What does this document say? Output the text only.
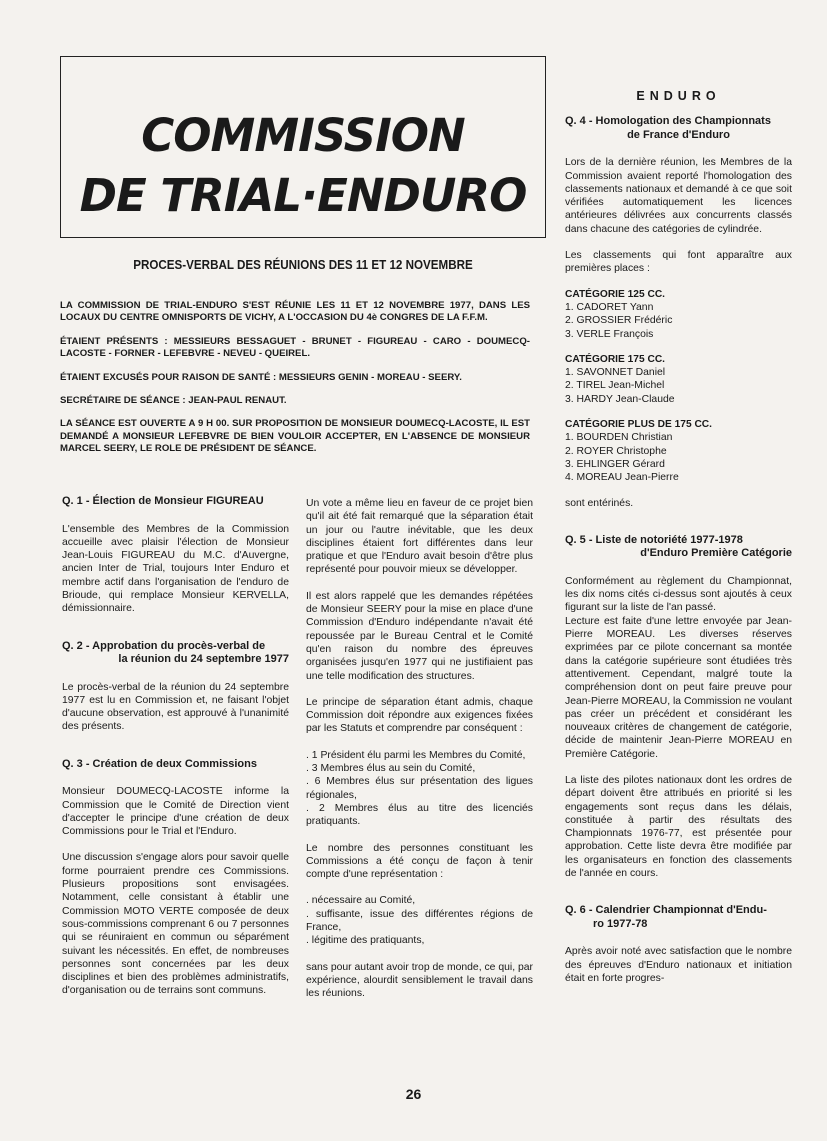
COMMISSION
DE TRIAL·ENDURO
PROCES-VERBAL DES RÉUNIONS DES 11 ET 12 NOVEMBRE
LA COMMISSION DE TRIAL-ENDURO S'EST RÉUNIE LES 11 ET 12 NOVEMBRE 1977, DANS LES LOCAUX DU CENTRE OMNISPORTS DE VICHY, A L'OCCASION DU 4è CONGRES DE LA F.F.M.
ÉTAIENT PRÉSENTS : MESSIEURS BESSAGUET - BRUNET - FIGUREAU - CARO - DOUMECQ-LACOSTE - FORNER - LEFEBVRE - NEVEU - QUEIREL.
ÉTAIENT EXCUSÉS POUR RAISON DE SANTÉ : MESSIEURS GENIN - MOREAU - SEERY.
SECRÉTAIRE DE SÉANCE : JEAN-PAUL RENAUT.
LA SÉANCE EST OUVERTE A 9 H 00. SUR PROPOSITION DE MONSIEUR DOUMECQ-LACOSTE, IL EST DEMANDÉ A MONSIEUR LEFEBVRE DE BIEN VOULOIR ACCEPTER, EN L'ABSENCE DE MONSIEUR MARCEL SEERY, LE ROLE DE PRÉSIDENT DE SÉANCE.
Q. 1 - Élection de Monsieur FIGUREAU

L'ensemble des Membres de la Commission accueille avec plaisir l'élection de Monsieur Jean-Louis FIGUREAU du M.C. d'Auvergne, ancien Inter de Trial, toujours Inter Enduro et membre actif dans l'organisation de l'enduro de Brioude, qui remplace Monsieur KERVELLA, démissionnaire.

Q. 2 - Approbation du procès-verbal de
la réunion du 24 septembre 1977

Le procès-verbal de la réunion du 24 septembre 1977 est lu en Commission et, ne faisant l'objet d'aucune observation, est approuvé à l'unanimité des présents.

Q. 3 - Création de deux Commissions

Monsieur DOUMECQ-LACOSTE informe la Commission que le Comité de Direction vient d'accepter le principe d'une création de deux Commissions pour le Trial et l'Enduro.

Une discussion s'engage alors pour savoir quelle forme pourraient prendre ces Commissions. Plusieurs propositions sont envisagées. Notamment, celle consistant à établir une Commission MOTO VERTE composée de deux sous-commissions comprenant 6 ou 7 personnes qui se réuniraient en commun ou séparément suivant les nécessités. En effet, de nombreuses personnes sont concernées par les deux disciplines et bien des problèmes administratifs, d'organisation ou de terrains sont communs.

Un vote a même lieu en faveur de ce projet bien qu'il ait été fait remarqué que la séparation était un jour ou l'autre inévitable, que les deux disciplines étaient fort différentes dans leur pratique et que l'Enduro avait besoin d'être plus représenté pour pouvoir mieux se développer.

Il est alors rappelé que les demandes répétées de Monsieur SEERY pour la mise en place d'une Commission d'Enduro indépendante n'avait été repoussée par le Bureau Central et le Comité qu'en raison du nombre des épreuves organisées jusqu'en 1977 qui ne justifiaient pas une telle modification des structures.

Le principe de séparation étant admis, chaque Commission doit répondre aux exigences fixées par les Statuts et comprendre par conséquent :

. 1 Président élu parmi les Membres du Comité,
. 3 Membres élus au sein du Comité,
. 6 Membres élus sur présentation des ligues régionales,
. 2 Membres élus au titre des licenciés pratiquants.

Le nombre des personnes constituant les Commissions a été conçu de façon à tenir compte d'une représentation :

. nécessaire au Comité,
. suffisante, issue des différentes régions de France,
. légitime des pratiquants,

sans pour autant avoir trop de monde, ce qui, par expérience, alourdit sensiblement le travail dans les réunions.

ENDURO
Q. 4 - Homologation des Championnats
de France d'Enduro

Lors de la dernière réunion, les Membres de la Commission avaient reporté l'homologation des classements nationaux et demandé à ce que soit vérifiées automatiquement les licences antérieures délivrées aux concurrents classés dans chacune des catégories de cylindrée.

Les classements qui font apparaître aux premières places :

CATÉGORIE 125 CC.
1. CADORET Yann
2. GROSSIER Frédéric
3. VERLE François
CATÉGORIE 175 CC.
1. SAVONNET Daniel
2. TIREL Jean-Michel
3. HARDY Jean-Claude
CATÉGORIE PLUS DE 175 CC.
1. BOURDEN Christian
2. ROYER Christophe
3. EHLINGER Gérard
4. MOREAU Jean-Pierre

sont entérinés.

Q. 5 - Liste de notoriété 1977-1978
d'Enduro Première Catégorie

Conformément au règlement du Championnat, les dix noms cités ci-dessus sont ajoutés à ceux figurant sur la liste de l'an passé.

Lecture est faite d'une lettre envoyée par Jean-Pierre MOREAU. Les diverses réserves exprimées par ce pilote concernant sa montée dans la catégorie supérieure sont étudiées très attentivement. Cependant, malgré toute la compréhension dont on peut faire preuve pour Jean-Pierre MOREAU, la Commission ne voulant pas créer un précédent et considérant les nouveaux critères de changement de catégorie, décide de maintenir Jean-Pierre MOREAU en Première Catégorie.

La liste des pilotes nationaux dont les ordres de départ doivent être attribués en priorité si les engagements sont reçus dans les délais, constituée à partir des résultats des Championnats 1976-77, est présentée pour approbation. Cette liste devra être modifiée par les organisateurs en fonction des classements de l'année en cours.

Q. 6 - Calendrier Championnat d'Endu-
ro 1977-78

Après avoir noté avec satisfaction que le nombre des épreuves d'Enduro nationaux et initiation était en forte progres-

26
